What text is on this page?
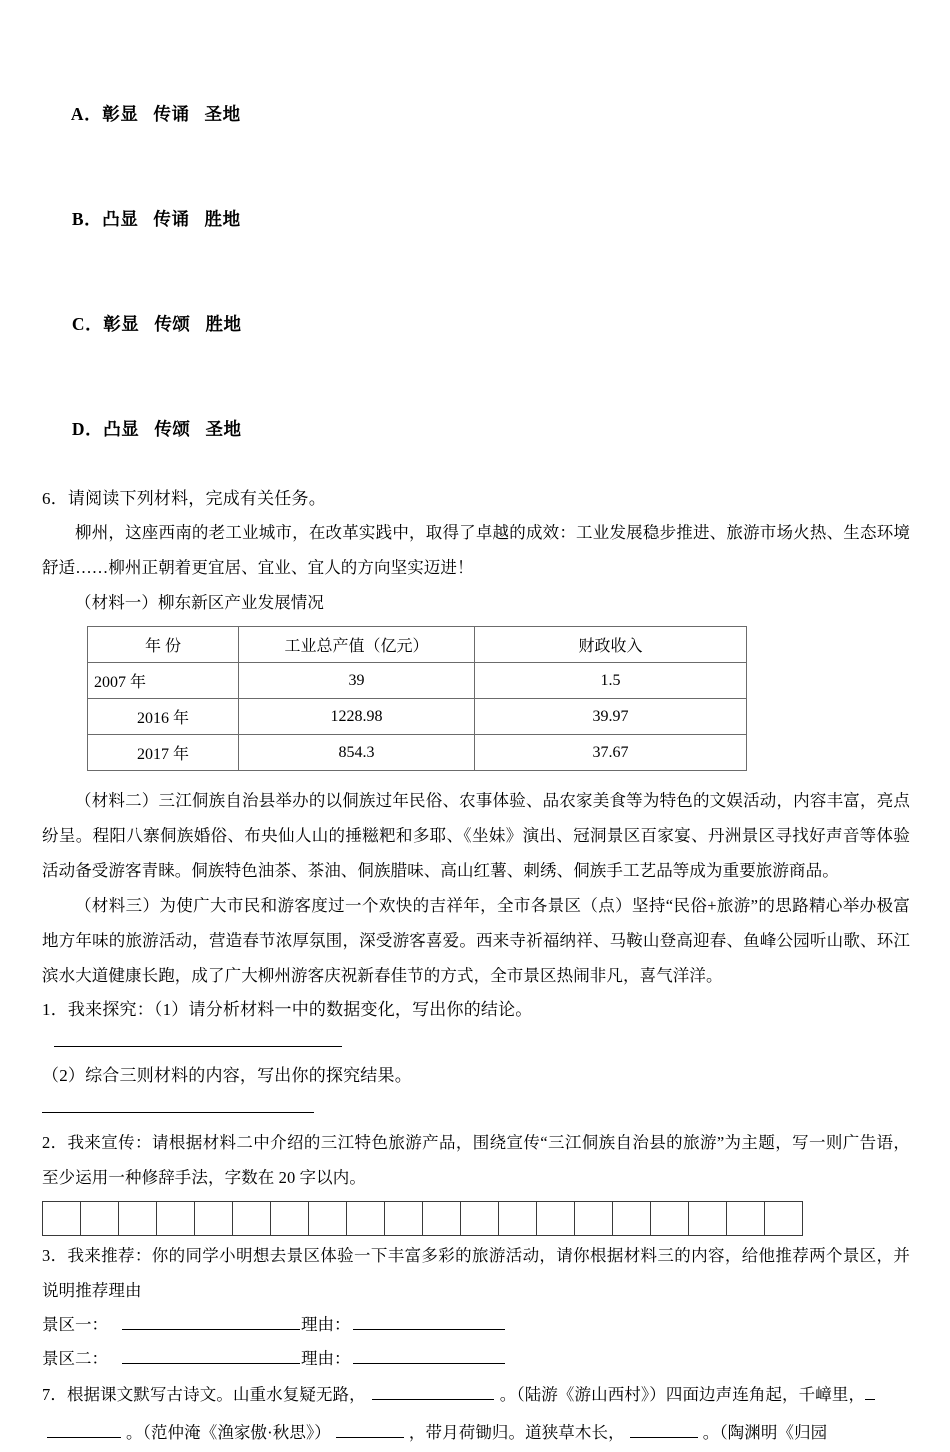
A．彰显   传诵   圣地

B．凸显   传诵   胜地

C．彰显   传颂   胜地

D．凸显   传颂   圣地

6．请阅读下列材料，完成有关任务。
柳州，这座西南的老工业城市，在改革实践中，取得了卓越的成效：工业发展稳步推进、旅游市场火热、生态环境舒适……柳州正朝着更宜居、宜业、宜人的方向坚实迈进！
（材料一）柳东新区产业发展情况
年 份	工业总产值（亿元）	财政收入
2007 年	39	1.5
2016 年	1228.98	39.97
2017 年	854.3	37.67
（材料二）三江侗族自治县举办的以侗族过年民俗、农事体验、品农家美食等为特色的文娱活动，内容丰富，亮点纷呈。程阳八寨侗族婚俗、布央仙人山的捶糍粑和多耶、《坐妹》演出、冠洞景区百家宴、丹洲景区寻找好声音等体验活动备受游客青睐。侗族特色油茶、茶油、侗族腊味、高山红薯、刺绣、侗族手工艺品等成为重要旅游商品。
（材料三）为使广大市民和游客度过一个欢快的吉祥年，全市各景区（点）坚持“民俗+旅游”的思路精心举办极富地方年味的旅游活动，营造春节浓厚氛围，深受游客喜爱。西来寺祈福纳祥、马鞍山登高迎春、鱼峰公园听山歌、环江滨水大道健康长跑，成了广大柳州游客庆祝新春佳节的方式，全市景区热闹非凡，喜气洋洋。
1．我来探究：（1）请分析材料一中的数据变化，写出你的结论。
（2）综合三则材料的内容，写出你的探究结果。
2．我来宣传：请根据材料二中介绍的三江特色旅游产品，围绕宣传“三江侗族自治县的旅游”为主题，写一则广告语，至少运用一种修辞手法，字数在 20 字以内。

3．我来推荐：你的同学小明想去景区体验一下丰富多彩的旅游活动，请你根据材料三的内容，给他推荐两个景区，并说明推荐理由
景区一：	理由：
景区二：	理由：
7．根据课文默写古诗文。山重水复疑无路，	。（陆游《游山西村》）四面边声连角起，千嶂里，
。（范仲淹《渔家傲·秋思》）	，带月荷锄归。道狭草木长，	。（陶渊明《归园
